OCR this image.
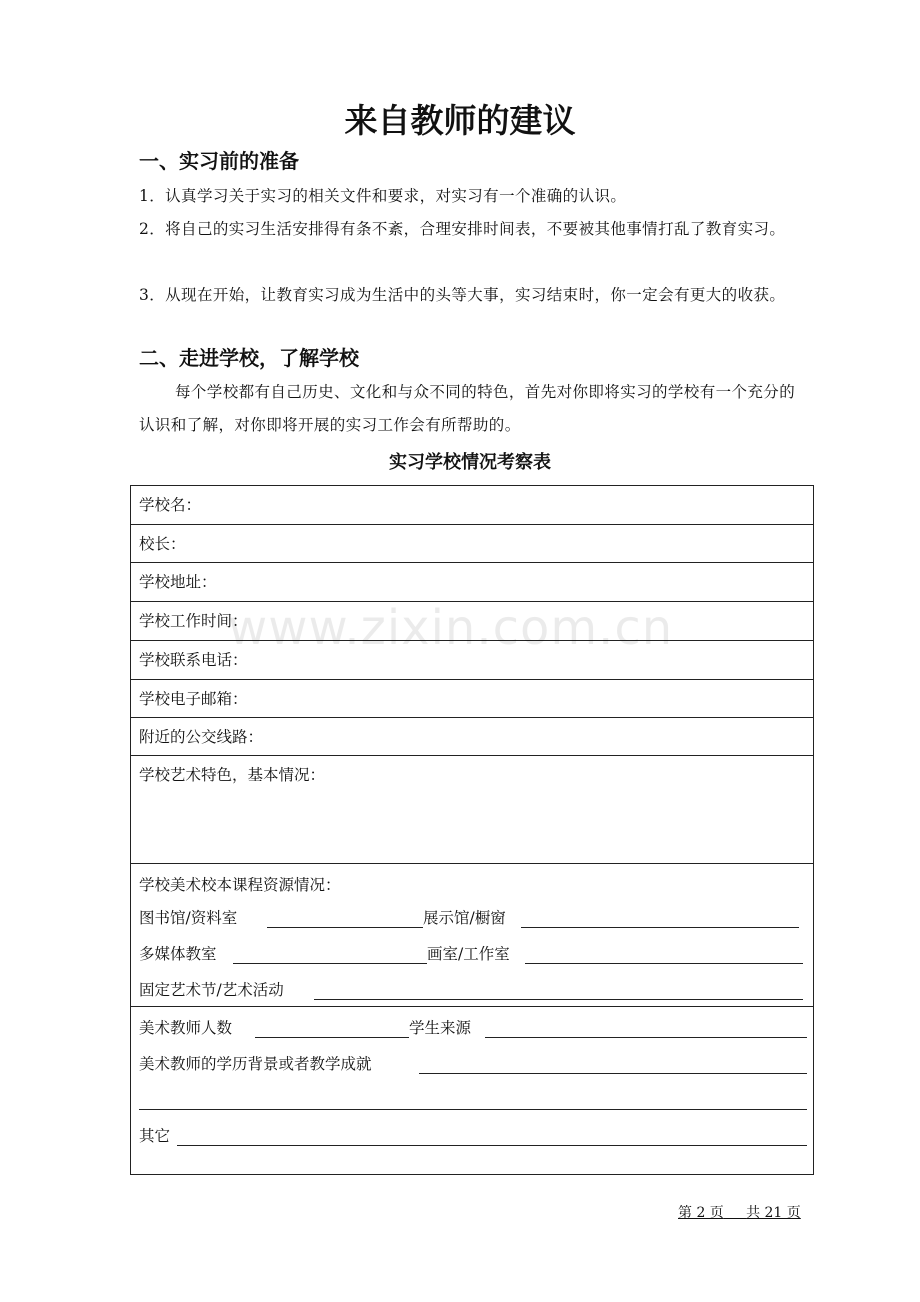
来自教师的建议
一、实习前的准备
1．认真学习关于实习的相关文件和要求，对实习有一个准确的认识。
2．将自己的实习生活安排得有条不紊，合理安排时间表，不要被其他事情打乱了教育实习。
3．从现在开始，让教育实习成为生活中的头等大事，实习结束时，你一定会有更大的收获。
二、走进学校，了解学校
每个学校都有自己历史、文化和与众不同的特色，首先对你即将实习的学校有一个充分的认识和了解，对你即将开展的实习工作会有所帮助的。
实习学校情况考察表
学校名：
校长：
学校地址：
学校工作时间：
学校联系电话：
学校电子邮箱：
附近的公交线路：
学校艺术特色，基本情况：
学校美术校本课程资源情况：
图书馆/资料室	展示馆/橱窗
多媒体教室	画室/工作室
固定艺术节/艺术活动
美术教师人数	学生来源
美术教师的学历背景或者教学成就
其它
www.zixin.com.cn
第 2 页 共 21 页
